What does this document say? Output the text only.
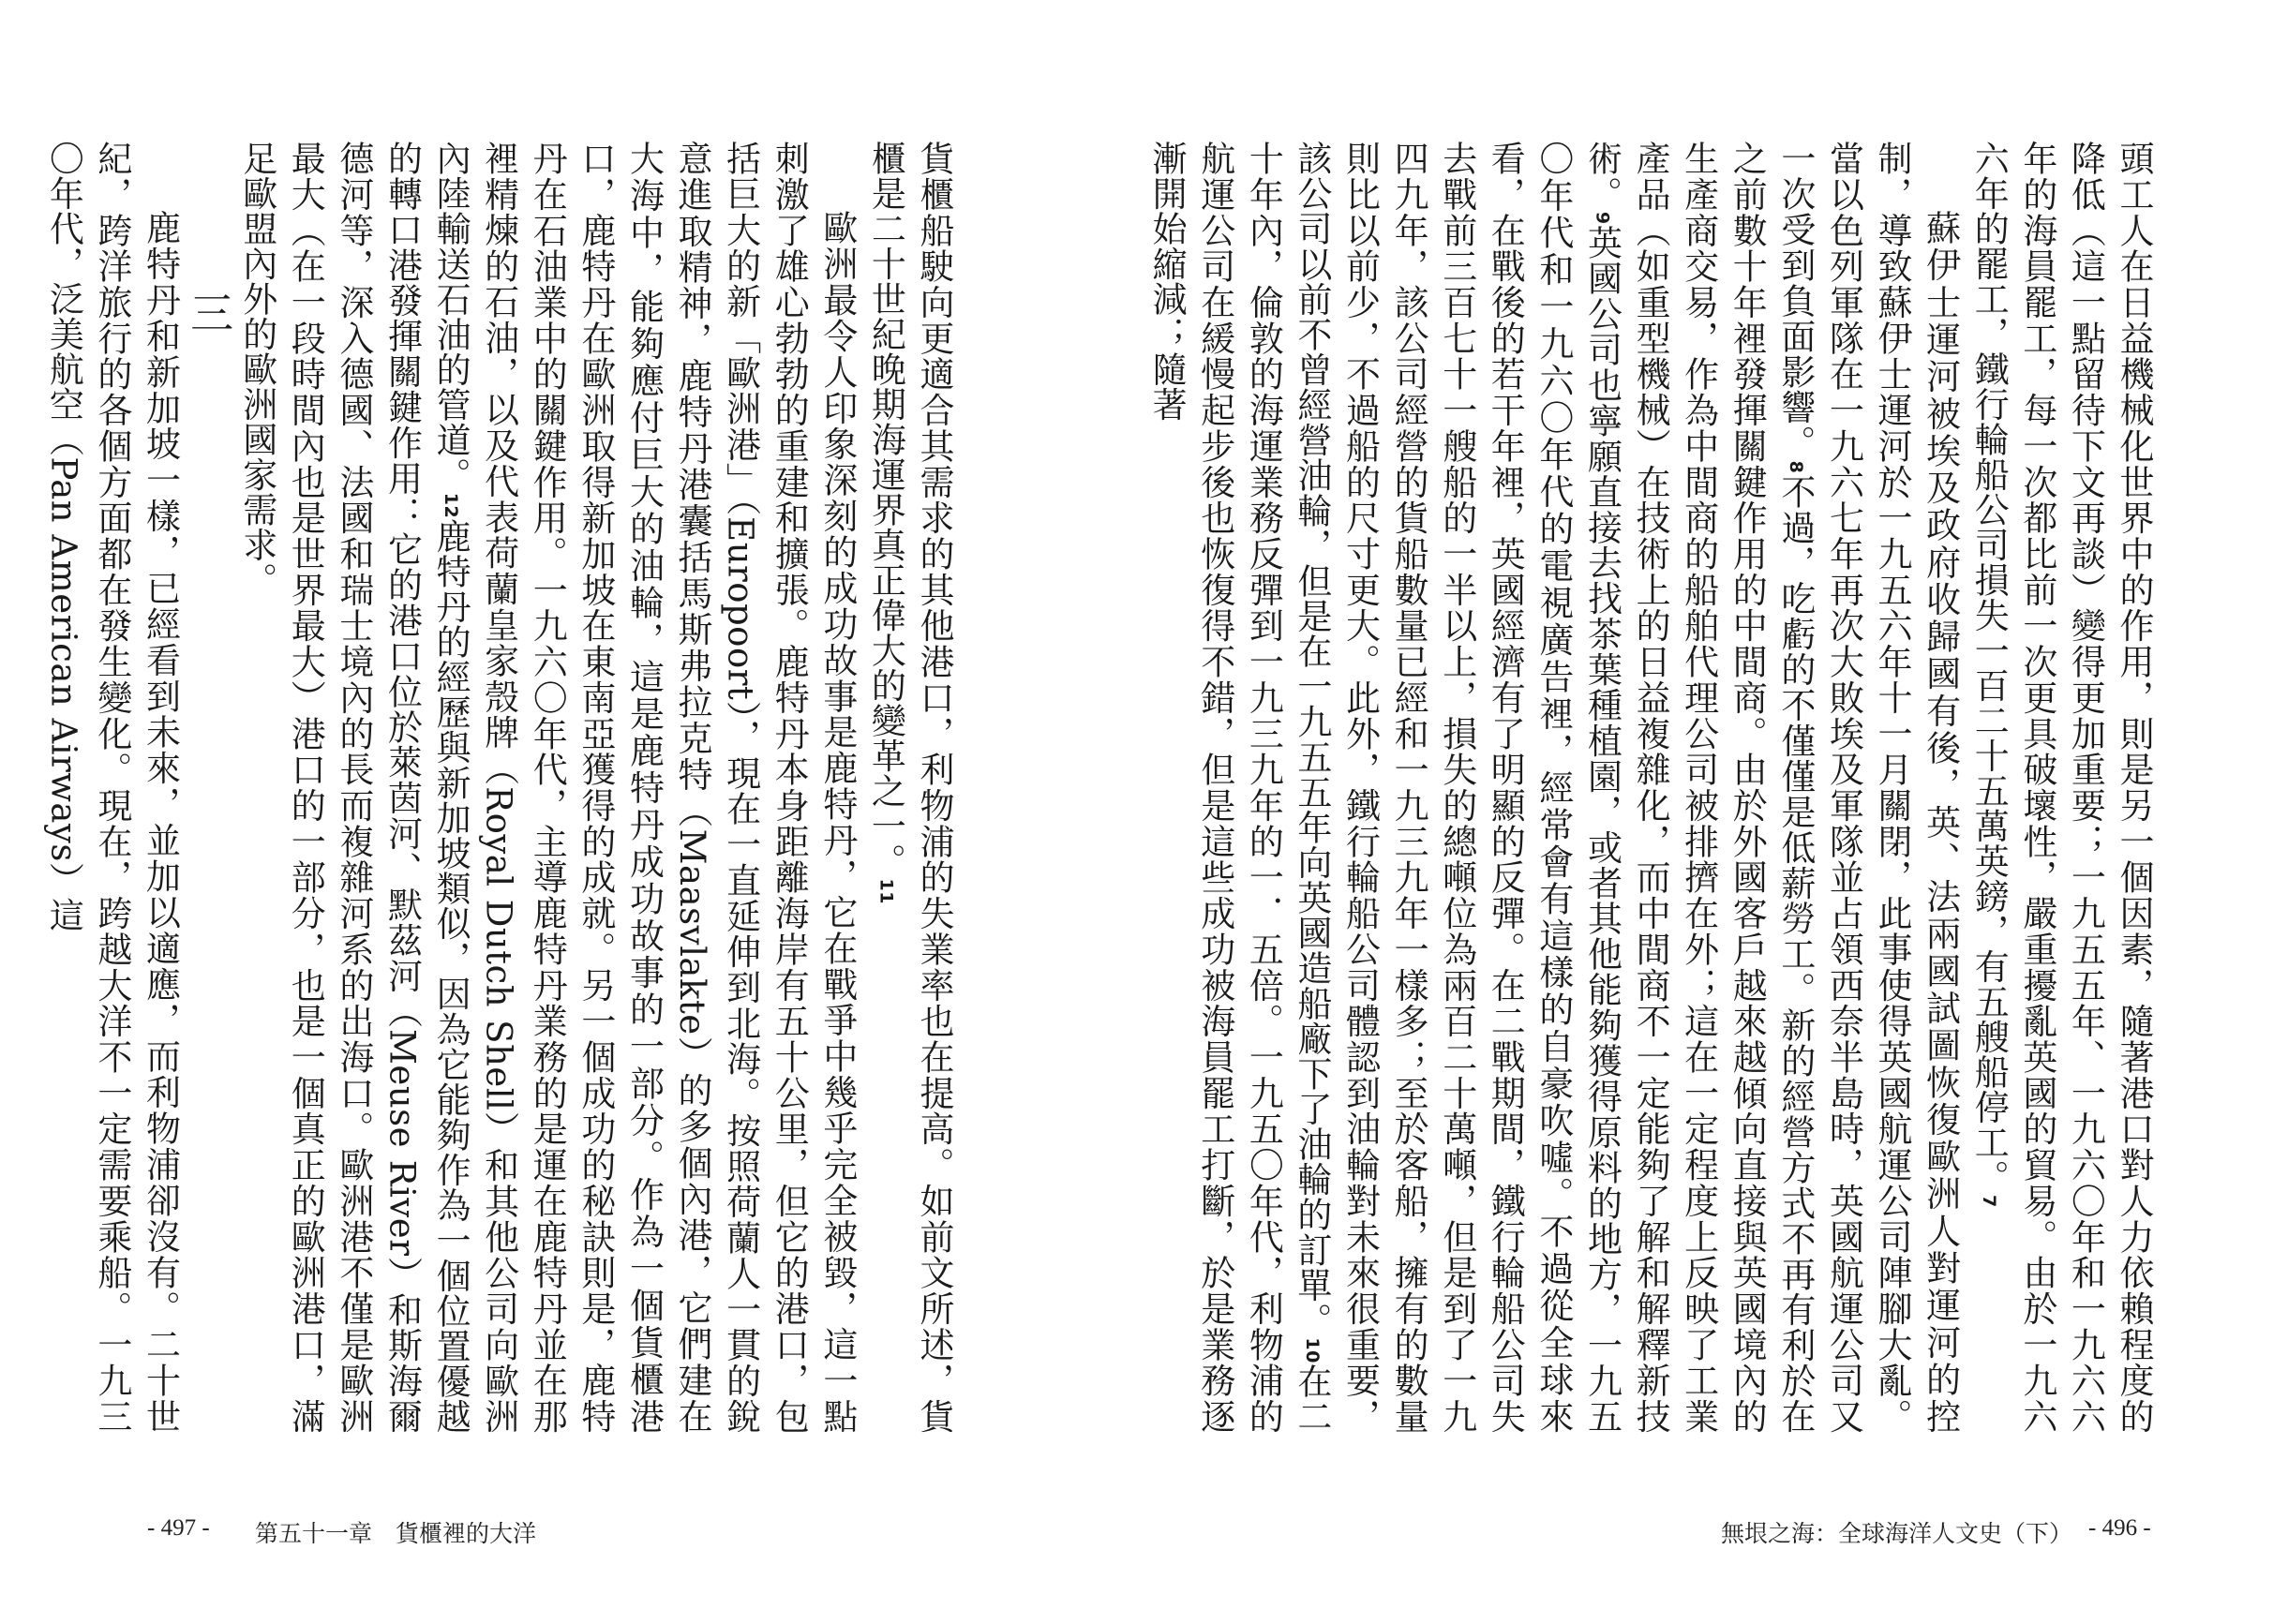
貨櫃船駛向更適合其需求的其他港口，利物浦的失業率也在提高。如前文所述，貨櫃是二十世紀晚期海運界真正偉大的變革之一。$^{11}$

歐洲最令人印象深刻的成功故事是鹿特丹，它在戰爭中幾乎完全被毀，這一點刺激了雄心勃勃的重建和擴張。鹿特丹本身距離海岸有五十公里，但它的港口，包括巨大的新「歐洲港」（Europoort），現在一直延伸到北海。按照荷蘭人一貫的銳意進取精神，鹿特丹港囊括馬斯弗拉克特（Maasvlakte）的多個內港，它們建在大海中，能夠應付巨大的油輪，這是鹿特丹成功故事的一部分。作為一個貨櫃港口，鹿特丹在歐洲取得新加坡在東南亞獲得的成就。另一個成功的秘訣則是，鹿特丹在石油業中的關鍵作用。一九六〇年代，主導鹿特丹業務的是運在鹿特丹並在那裡精煉的石油，以及代表荷蘭皇家殼牌（Royal Dutch Shell）和其他公司向歐洲內陸輸送石油的管道。$^{12}$鹿特丹的經歷與新加坡類似，因為它能夠作為一個位置優越的轉口港發揮關鍵作用：它的港口位於萊茵河、默茲河（Meuse River）和斯海爾德河等，深入德國、法國和瑞士境內的長而複雜河系的出海口。歐洲港不僅是歐洲最大（在一段時間內也是世界最大）港口的一部分，也是一個真正的歐洲港口，滿足歐盟內外的歐洲國家需求。

三

鹿特丹和新加坡一樣，已經看到未來，並加以適應，而利物浦卻沒有。二十世紀，跨洋旅行的各個方面都在發生變化。現在，跨越大洋不一定需要乘船。一九三〇年代，泛美航空（Pan American Airways）這

- 497 - 第五十一章　貨櫃裡的大洋

頭工人在日益機械化世界中的作用，則是另一個因素，隨著港口對人力依賴程度的降低（這一點留待下文再談）變得更加重要；一九五五年、一九六〇年和一九六六年的海員罷工，每一次都比前一次更具破壞性，嚴重擾亂英國的貿易。由於一九六六年的罷工，鐵行輪船公司損失一百二十五萬英鎊，有五艘船停工。$^7$

蘇伊士運河被埃及政府收歸國有後，英、法兩國試圖恢復歐洲人對運河的控制，導致蘇伊士運河於一九五六年十一月關閉，此事使得英國航運公司陣腳大亂。當以色列軍隊在一九六七年再次大敗埃及軍隊並占領西奈半島時，英國航運公司又一次受到負面影響。$^8$不過，吃虧的不僅僅是低薪勞工。新的經營方式不再有利於在之前數十年裡發揮關鍵作用的中間商。由於外國客戶越來越傾向直接與英國境內的生產商交易，作為中間商的船舶代理公司被排擠在外；這在一定程度上反映了工業產品（如重型機械）在技術上的日益複雜化，而中間商不一定能夠了解和解釋新技術。$^9$英國公司也寧願直接去找茶葉種植園，或者其他能夠獲得原料的地方，一九五〇年代和一九六〇年代的電視廣告裡，經常會有這樣的自豪吹噓。不過從全球來看，在戰後的若干年裡，英國經濟有了明顯的反彈。在二戰期間，鐵行輪船公司失去戰前三百七十一艘船的一半以上，損失的總噸位為兩百二十萬噸，但是到了一九四九年，該公司經營的貨船數量已經和一九三九年一樣多；至於客船，擁有的數量則比以前少，不過船的尺寸更大。此外，鐵行輪船公司體認到油輪對未來很重要，該公司以前不曾經營油輪，但是在一九五五年向英國造船廠下了油輪的訂單。$^{10}$在二十年內，倫敦的海運業務反彈到一九三九年的一．五倍。一九五〇年代，利物浦的航運公司在緩慢起步後也恢復得不錯，但是這些成功被海員罷工打斷，於是業務逐漸開始縮減；隨著

無垠之海：全球海洋人文史（下） - 496 -
